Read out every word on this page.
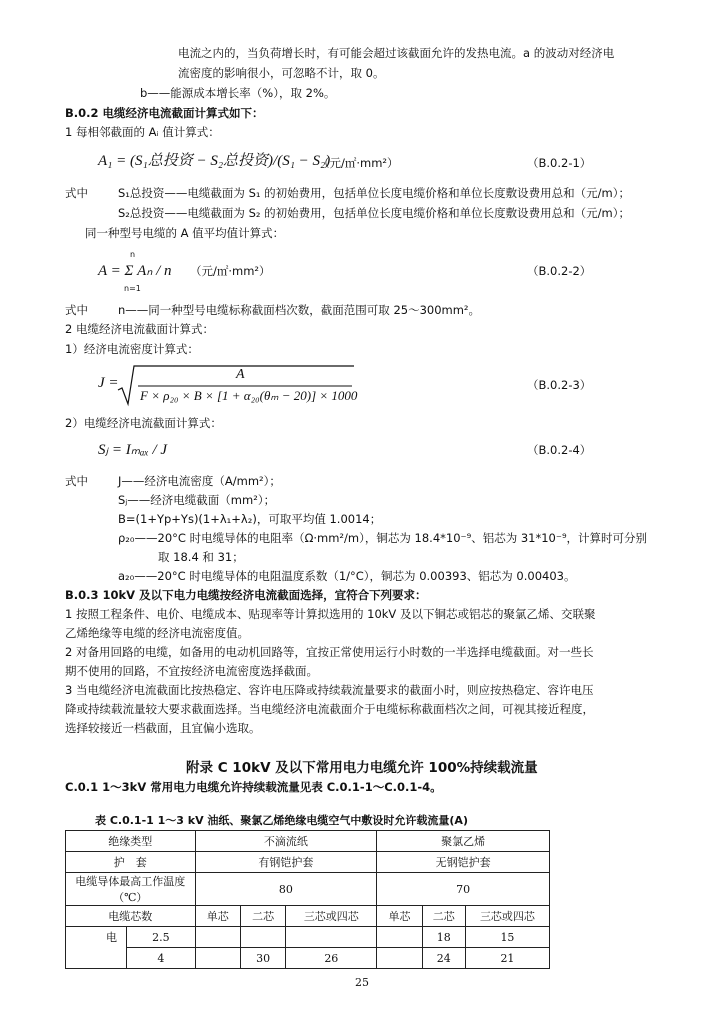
电流之内的，当负荷增长时，有可能会超过该截面允许的发热电流。a 的波动对经济电
流密度的影响很小，可忽略不计，取 0。
b——能源成本增长率（%），取 2%。
B.0.2 电缆经济电流截面计算式如下：
1 每相邻截面的 Aᵢ 值计算式：
A₁ = (S₁总投资 − S₂总投资)/(S₁ − S₂)
（元/㎡·mm²）	（B.0.2-1）
式中	S₁总投资——电缆截面为 S₁ 的初始费用，包括单位长度电缆价格和单位长度敷设费用总和（元/m）；
S₂总投资——电缆截面为 S₂ 的初始费用，包括单位长度电缆价格和单位长度敷设费用总和（元/m）；
同一种型号电缆的 A 值平均值计算式：
A = Σ Aₙ / n
n
n=1
（元/㎡·mm²）	（B.0.2-2）
式中	n——同一种型号电缆标称截面档次数，截面范围可取 25～300mm²。
2 电缆经济电流截面计算式：
1）经济电流密度计算式：
J =
A
F × ρ₂₀ × B × [1 + α₂₀(θₘ − 20)] × 1000
（B.0.2-3）
2）电缆经济电流截面计算式：
Sⱼ = Iₘₐₓ / J	（B.0.2-4）
式中	J——经济电流密度（A/mm²）；
Sⱼ——经济电缆截面（mm²）；
B=(1+Yp+Ys)(1+λ₁+λ₂)，可取平均值 1.0014；
ρ₂₀——20°C 时电缆导体的电阻率（Ω·mm²/m），铜芯为 18.4*10⁻⁹、铝芯为 31*10⁻⁹，计算时可分别
取 18.4 和 31；
a₂₀——20°C 时电缆导体的电阻温度系数（1/°C），铜芯为 0.00393、铝芯为 0.00403。
B.0.3 10kV 及以下电力电缆按经济电流截面选择，宜符合下列要求：
1 按照工程条件、电价、电缆成本、贴现率等计算拟选用的 10kV 及以下铜芯或铝芯的聚氯乙烯、交联聚
乙烯绝缘等电缆的经济电流密度值。
2 对备用回路的电缆，如备用的电动机回路等，宜按正常使用运行小时数的一半选择电缆截面。对一些长
期不使用的回路，不宜按经济电流密度选择截面。
3 当电缆经济电流截面比按热稳定、容许电压降或持续载流量要求的截面小时，则应按热稳定、容许电压
降或持续载流量较大要求截面选择。当电缆经济电流截面介于电缆标称截面档次之间，可视其接近程度，
选择较接近一档截面，且宜偏小选取。
附录 C 10kV 及以下常用电力电缆允许 100%持续载流量
C.0.1 1～3kV 常用电力电缆允许持续载流量见表 C.0.1-1～C.0.1-4。
表 C.0.1-1 1～3 kV 油纸、聚氯乙烯绝缘电缆空气中敷设时允许载流量(A)
绝缘类型		不滴流纸			聚氯乙烯		
护　套		有钢铠护套			无钢铠护套		
电缆导体最高工作温度（℃）		80			70		
电缆芯数		单芯	二芯	三芯或四芯	单芯	二芯	三芯或四芯
电	2.5					18	15
	4		30	26		24	21
25
